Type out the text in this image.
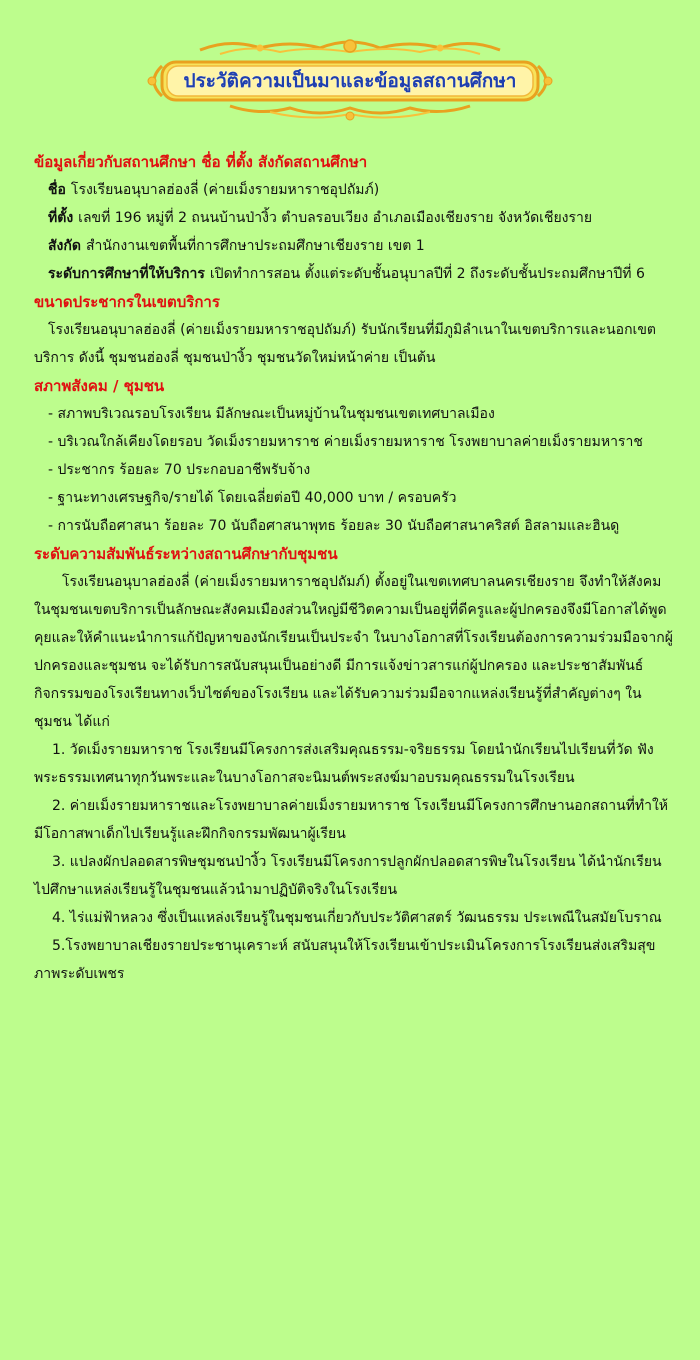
ประวัติความเป็นมาและข้อมูลสถานศึกษา

ข้อมูลเกี่ยวกับสถานศึกษา ชื่อ ที่ตั้ง สังกัดสถานศึกษา

ชื่อ โรงเรียนอนุบาลฮ่องลี่ (ค่ายเม็งรายมหาราชอุปถัมภ์)

ที่ตั้ง เลขที่ 196 หมู่ที่ 2 ถนนบ้านป่างิ้ว ตำบลรอบเวียง อำเภอเมืองเชียงราย จังหวัดเชียงราย

สังกัด สำนักงานเขตพื้นที่การศึกษาประถมศึกษาเชียงราย เขต 1

ระดับการศึกษาที่ให้บริการ เปิดทำการสอน ตั้งแต่ระดับชั้นอนุบาลปีที่ 2 ถึงระดับชั้นประถมศึกษาปีที่ 6

ขนาดประชากรในเขตบริการ

โรงเรียนอนุบาลฮ่องลี่ (ค่ายเม็งรายมหาราชอุปถัมภ์) รับนักเรียนที่มีภูมิลำเนาในเขตบริการและนอกเขตบริการ ดังนี้ ชุมชนฮ่องลี่ ชุมชนป่างิ้ว ชุมชนวัดใหม่หน้าค่าย เป็นต้น

สภาพสังคม / ชุมชน

- สภาพบริเวณรอบโรงเรียน มีลักษณะเป็นหมู่บ้านในชุมชนเขตเทศบาลเมือง

- บริเวณใกล้เคียงโดยรอบ วัดเม็งรายมหาราช ค่ายเม็งรายมหาราช โรงพยาบาลค่ายเม็งรายมหาราช

- ประชากร ร้อยละ 70 ประกอบอาชีพรับจ้าง

- ฐานะทางเศรษฐกิจ/รายได้ โดยเฉลี่ยต่อปี 40,000 บาท / ครอบครัว

- การนับถือศาสนา ร้อยละ 70 นับถือศาสนาพุทธ ร้อยละ 30 นับถือศาสนาคริสต์ อิสลามและฮินดู

ระดับความสัมพันธ์ระหว่างสถานศึกษากับชุมชน

โรงเรียนอนุบาลฮ่องลี่ (ค่ายเม็งรายมหาราชอุปถัมภ์) ตั้งอยู่ในเขตเทศบาลนครเชียงราย จึงทำให้สังคมในชุมชนเขตบริการเป็นลักษณะสังคมเมืองส่วนใหญ่มีชีวิตความเป็นอยู่ที่ดีครูและผู้ปกครองจึงมีโอกาสได้พูดคุยและให้คำแนะนำการแก้ปัญหาของนักเรียนเป็นประจำ ในบางโอกาสที่โรงเรียนต้องการความร่วมมือจากผู้ปกครองและชุมชน จะได้รับการสนับสนุนเป็นอย่างดี มีการแจ้งข่าวสารแก่ผู้ปกครอง และประชาสัมพันธ์กิจกรรมของโรงเรียนทางเว็บไซต์ของโรงเรียน และได้รับความร่วมมือจากแหล่งเรียนรู้ที่สำคัญต่างๆ ในชุมชน ได้แก่

1. วัดเม็งรายมหาราช โรงเรียนมีโครงการส่งเสริมคุณธรรม-จริยธรรม โดยนำนักเรียนไปเรียนที่วัด ฟังพระธรรมเทศนาทุกวันพระและในบางโอกาสจะนิมนต์พระสงฆ์มาอบรมคุณธรรมในโรงเรียน

2. ค่ายเม็งรายมหาราชและโรงพยาบาลค่ายเม็งรายมหาราช โรงเรียนมีโครงการศึกษานอกสถานที่ทำให้มีโอกาสพาเด็กไปเรียนรู้และฝึกกิจกรรมพัฒนาผู้เรียน

3. แปลงผักปลอดสารพิษชุมชนป่างิ้ว โรงเรียนมีโครงการปลูกผักปลอดสารพิษในโรงเรียน ได้นำนักเรียนไปศึกษาแหล่งเรียนรู้ในชุมชนแล้วนำมาปฏิบัติจริงในโรงเรียน

4. ไร่แม่ฟ้าหลวง ซึ่งเป็นแหล่งเรียนรู้ในชุมชนเกี่ยวกับประวัติศาสตร์ วัฒนธรรม ประเพณีในสมัยโบราณ

5.โรงพยาบาลเชียงรายประชานุเคราะห์ สนับสนุนให้โรงเรียนเข้าประเมินโครงการโรงเรียนส่งเสริมสุขภาพระดับเพชร
